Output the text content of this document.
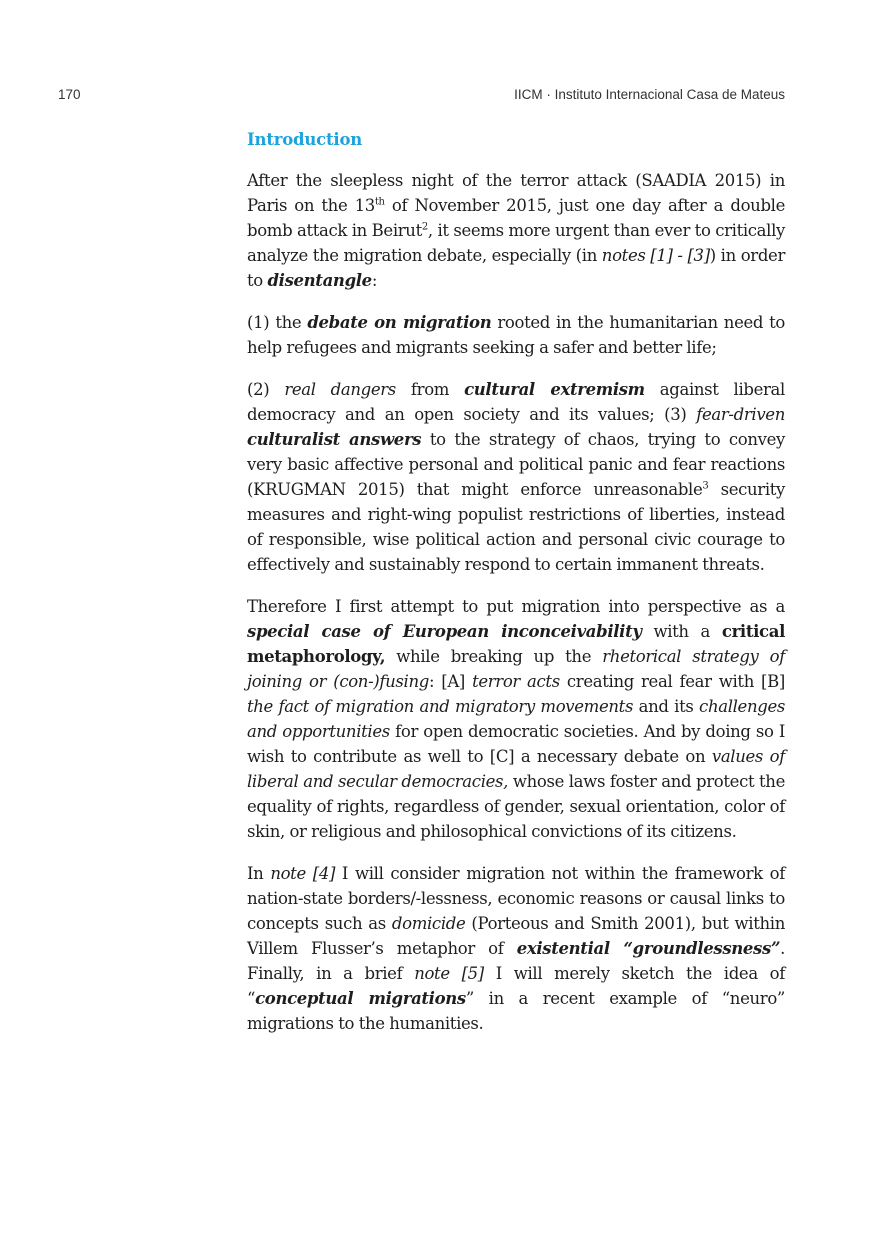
170	IICM · Instituto Internacional Casa de Mateus
Introduction

After the sleepless night of the terror attack (SAADIA 2015) in Paris on the 13th of November 2015, just one day after a double bomb attack in Beirut$^2$, it seems more urgent than ever to critically analyze the migration debate, especially (in notes [1] - [3]) in order to disentangle:

(1) the debate on migration rooted in the humanitarian need to help refugees and migrants seeking a safer and better life;

(2) real dangers from cultural extremism against liberal democracy and an open society and its values; (3) fear-driven culturalist answers to the strategy of chaos, trying to convey very basic affective personal and political panic and fear reactions (KRUGMAN 2015) that might enforce unreasonable$^3$ security measures and right-wing populist restrictions of liberties, instead of responsible, wise political action and personal civic courage to effectively and sustainably respond to certain immanent threats.

Therefore I first attempt to put migration into perspective as a special case of European inconceivability with a critical metaphorology, while breaking up the rhetorical strategy of joining or (con-)fusing: [A] terror acts creating real fear with [B] the fact of migration and migratory movements and its challenges and opportunities for open democratic societies. And by doing so I wish to contribute as well to [C] a necessary debate on values of liberal and secular democracies, whose laws foster and protect the equality of rights, regardless of gender, sexual orientation, color of skin, or religious and philosophical convictions of its citizens.

In note [4] I will consider migration not within the framework of nation-state borders/-lessness, economic reasons or causal links to concepts such as domicide (Porteous and Smith 2001), but within Villem Flusser’s metaphor of existential “groundlessness”. Finally, in a brief note [5] I will merely sketch the idea of “conceptual migrations” in a recent example of “neuro” migrations to the humanities.
